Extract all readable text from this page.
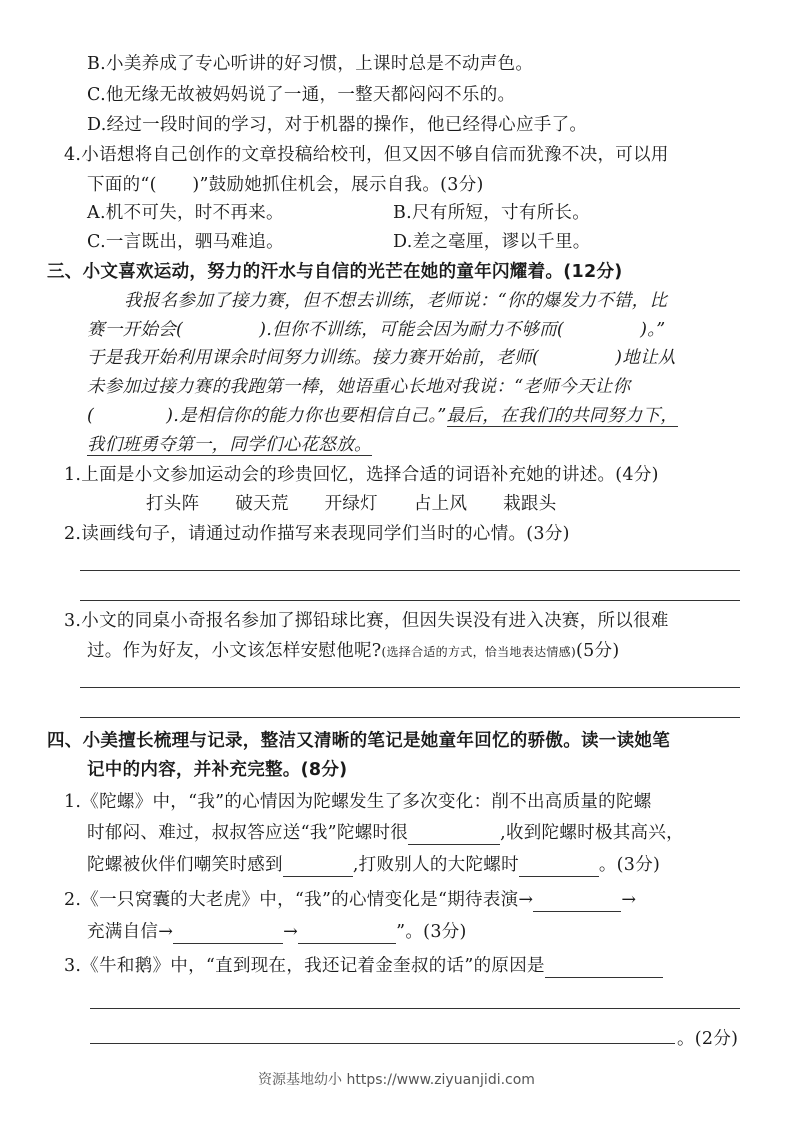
B.小美养成了专心听讲的好习惯，上课时总是不动声色。
C.他无缘无故被妈妈说了一通，一整天都闷闷不乐的。
D.经过一段时间的学习，对于机器的操作，他已经得心应手了。
4.小语想将自己创作的文章投稿给校刊，但又因不够自信而犹豫不决，可以用
下面的“(　　)”鼓励她抓住机会，展示自我。(3分)
A.机不可失，时不再来。	B.尺有所短，寸有所长。
C.一言既出，驷马难追。	D.差之毫厘，谬以千里。
三、小文喜欢运动，努力的汗水与自信的光芒在她的童年闪耀着。(12分)
我报名参加了接力赛，但不想去训练，老师说：“你的爆发力不错，比
赛一开始会(	).但你不训练，可能会因为耐力不够而(	)。”
于是我开始利用课余时间努力训练。接力赛开始前，老师(	)地让从
未参加过接力赛的我跑第一棒，她语重心长地对我说：“老师今天让你
(	).是相信你的能力你也要相信自己。”最后，在我们的共同努力下，
我们班勇夺第一，同学们心花怒放。
1.上面是小文参加运动会的珍贵回忆，选择合适的词语补充她的讲述。(4分)
打头阵 破天荒 开绿灯 占上风 栽跟头
2.读画线句子，请通过动作描写来表现同学们当时的心情。(3分)
3.小文的同桌小奇报名参加了掷铅球比赛，但因失误没有进入决赛，所以很难
过。作为好友，小文该怎样安慰他呢?(选择合适的方式，恰当地表达情感)(5分)
四、小美擅长梳理与记录，整洁又清晰的笔记是她童年回忆的骄傲。读一读她笔
记中的内容，并补充完整。(8分)
1.《陀螺》中，“我”的心情因为陀螺发生了多次变化：削不出高质量的陀螺
时郁闷、难过，叔叔答应送“我”陀螺时很	,收到陀螺时极其高兴，
陀螺被伙伴们嘲笑时感到	,打败别人的大陀螺时	。(3分)
2.《一只窝囊的大老虎》中，“我”的心情变化是“期待表演→	→
充满自信→	→	”。(3分)
3.《牛和鹅》中，“直到现在，我还记着金奎叔的话”的原因是
。(2分)
资源基地幼小 https://www.ziyuanjidi.com
